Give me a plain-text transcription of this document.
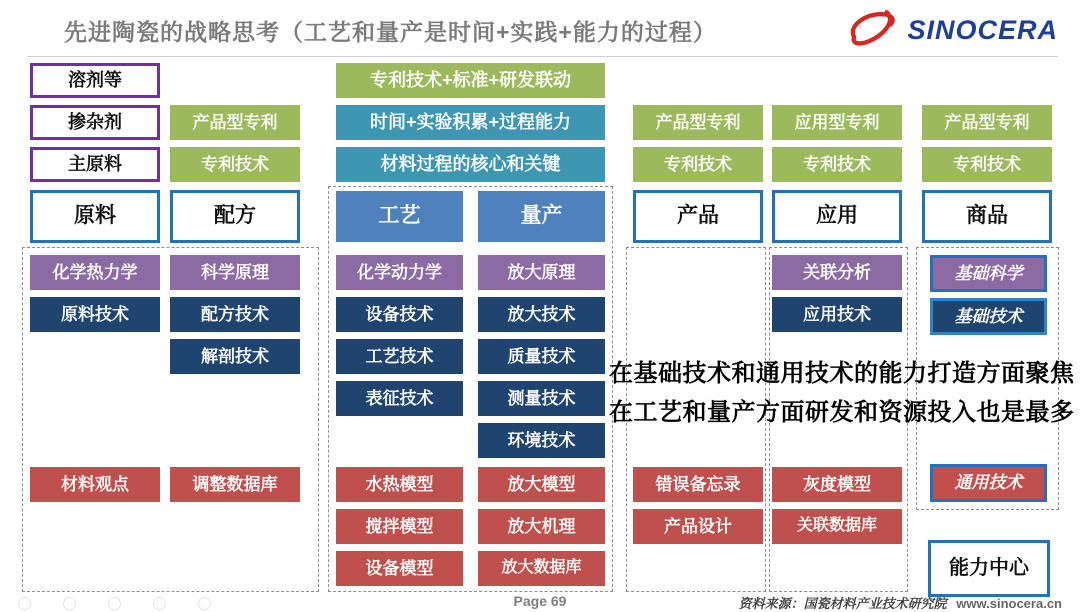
先进陶瓷的战略思考（工艺和量产是时间+实践+能力的过程）	SINOCERA
溶剂等
掺杂剂
主原料
产品型专利
专利技术
专利技术+标准+研发联动
时间+实验积累+过程能力
材料过程的核心和关键
产品型专利
专利技术
应用型专利
专利技术
产品型专利
专利技术
原料	配方	工艺	量产	产品	应用	商品
化学热力学
原料技术
材料观点
科学原理
配方技术
解剖技术
调整数据库
化学动力学
设备技术
工艺技术
表征技术
水热模型
搅拌模型
设备模型
放大原理
放大技术
质量技术
测量技术
环境技术
放大模型
放大机理
放大数据库
错误备忘录
产品设计
关联分析
应用技术
灰度模型
关联数据库
基础科学
基础技术
通用技术
能力中心
在基础技术和通用技术的能力打造方面聚焦
在工艺和量产方面研发和资源投入也是最多
Page 69	资料来源：国瓷材料产业技术研究院 www.sinocera.cn
